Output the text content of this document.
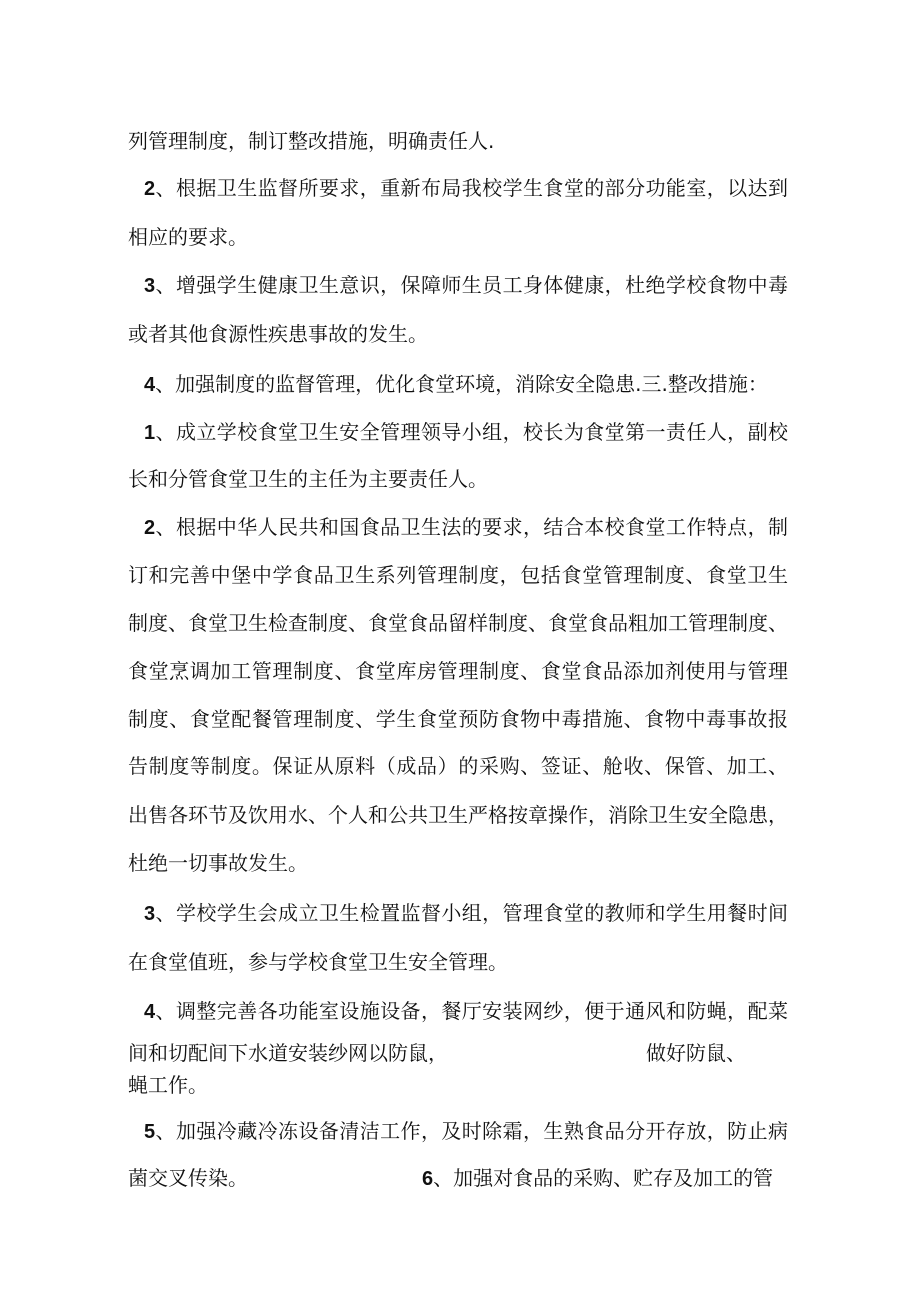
列管理制度，制订整改措施，明确责任人.
2、根据卫生监督所要求，重新布局我校学生食堂的部分功能室，以达到
相应的要求。
3、增强学生健康卫生意识，保障师生员工身体健康，杜绝学校食物中毒
或者其他食源性疾患事故的发生。
4、加强制度的监督管理，优化食堂环境，消除安全隐患.三.整改措施：
1、成立学校食堂卫生安全管理领导小组，校长为食堂第一责任人，副校
长和分管食堂卫生的主任为主要责任人。
2、根据中华人民共和国食品卫生法的要求，结合本校食堂工作特点，制
订和完善中堡中学食品卫生系列管理制度，包括食堂管理制度、食堂卫生
制度、食堂卫生检查制度、食堂食品留样制度、食堂食品粗加工管理制度、
食堂烹调加工管理制度、食堂库房管理制度、食堂食品添加剂使用与管理
制度、食堂配餐管理制度、学生食堂预防食物中毒措施、食物中毒事故报
告制度等制度。保证从原料（成品）的采购、签证、舱收、保管、加工、
出售各环节及饮用水、个人和公共卫生严格按章操作，消除卫生安全隐患，
杜绝一切事故发生。
3、学校学生会成立卫生检置监督小组，管理食堂的教师和学生用餐时间
在食堂值班，参与学校食堂卫生安全管理。
4、调整完善各功能室设施设备，餐厅安装网纱，便于通风和防蝇，配菜
间和切配间下水道安装纱网以防鼠，	做好防鼠、
蝇工作。
5、加强冷藏冷冻设备清洁工作，及时除霜，生熟食品分开存放，防止病
菌交叉传染。	6、加强对食品的采购、贮存及加工的管
